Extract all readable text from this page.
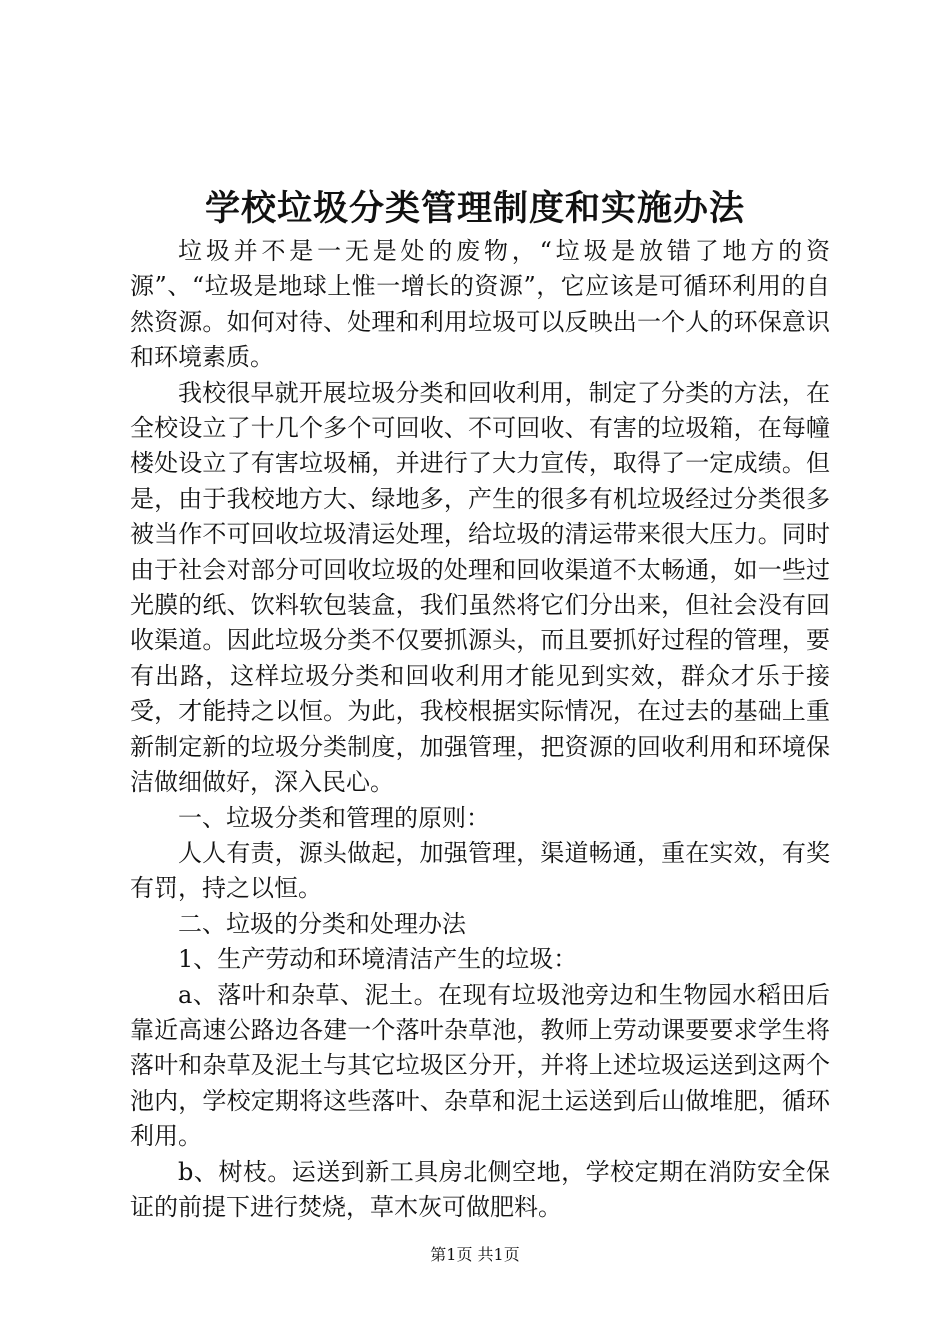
学校垃圾分类管理制度和实施办法

垃圾并不是一无是处的废物，“垃圾是放错了地方的资源”、“垃圾是地球上惟一增长的资源”，它应该是可循环利用的自然资源。如何对待、处理和利用垃圾可以反映出一个人的环保意识和环境素质。

我校很早就开展垃圾分类和回收利用，制定了分类的方法，在全校设立了十几个多个可回收、不可回收、有害的垃圾箱，在每幢楼处设立了有害垃圾桶，并进行了大力宣传，取得了一定成绩。但是，由于我校地方大、绿地多，产生的很多有机垃圾经过分类很多被当作不可回收垃圾清运处理，给垃圾的清运带来很大压力。同时由于社会对部分可回收垃圾的处理和回收渠道不太畅通，如一些过光膜的纸、饮料软包装盒，我们虽然将它们分出来，但社会没有回收渠道。因此垃圾分类不仅要抓源头，而且要抓好过程的管理，要有出路，这样垃圾分类和回收利用才能见到实效，群众才乐于接受，才能持之以恒。为此，我校根据实际情况，在过去的基础上重新制定新的垃圾分类制度，加强管理，把资源的回收利用和环境保洁做细做好，深入民心。

一、垃圾分类和管理的原则：

人人有责，源头做起，加强管理，渠道畅通，重在实效，有奖有罚，持之以恒。

二、垃圾的分类和处理办法

1、生产劳动和环境清洁产生的垃圾：

a、落叶和杂草、泥土。在现有垃圾池旁边和生物园水稻田后靠近高速公路边各建一个落叶杂草池，教师上劳动课要要求学生将落叶和杂草及泥土与其它垃圾区分开，并将上述垃圾运送到这两个池内，学校定期将这些落叶、杂草和泥土运送到后山做堆肥，循环利用。

b、树枝。运送到新工具房北侧空地，学校定期在消防安全保证的前提下进行焚烧，草木灰可做肥料。

第1页 共1页
